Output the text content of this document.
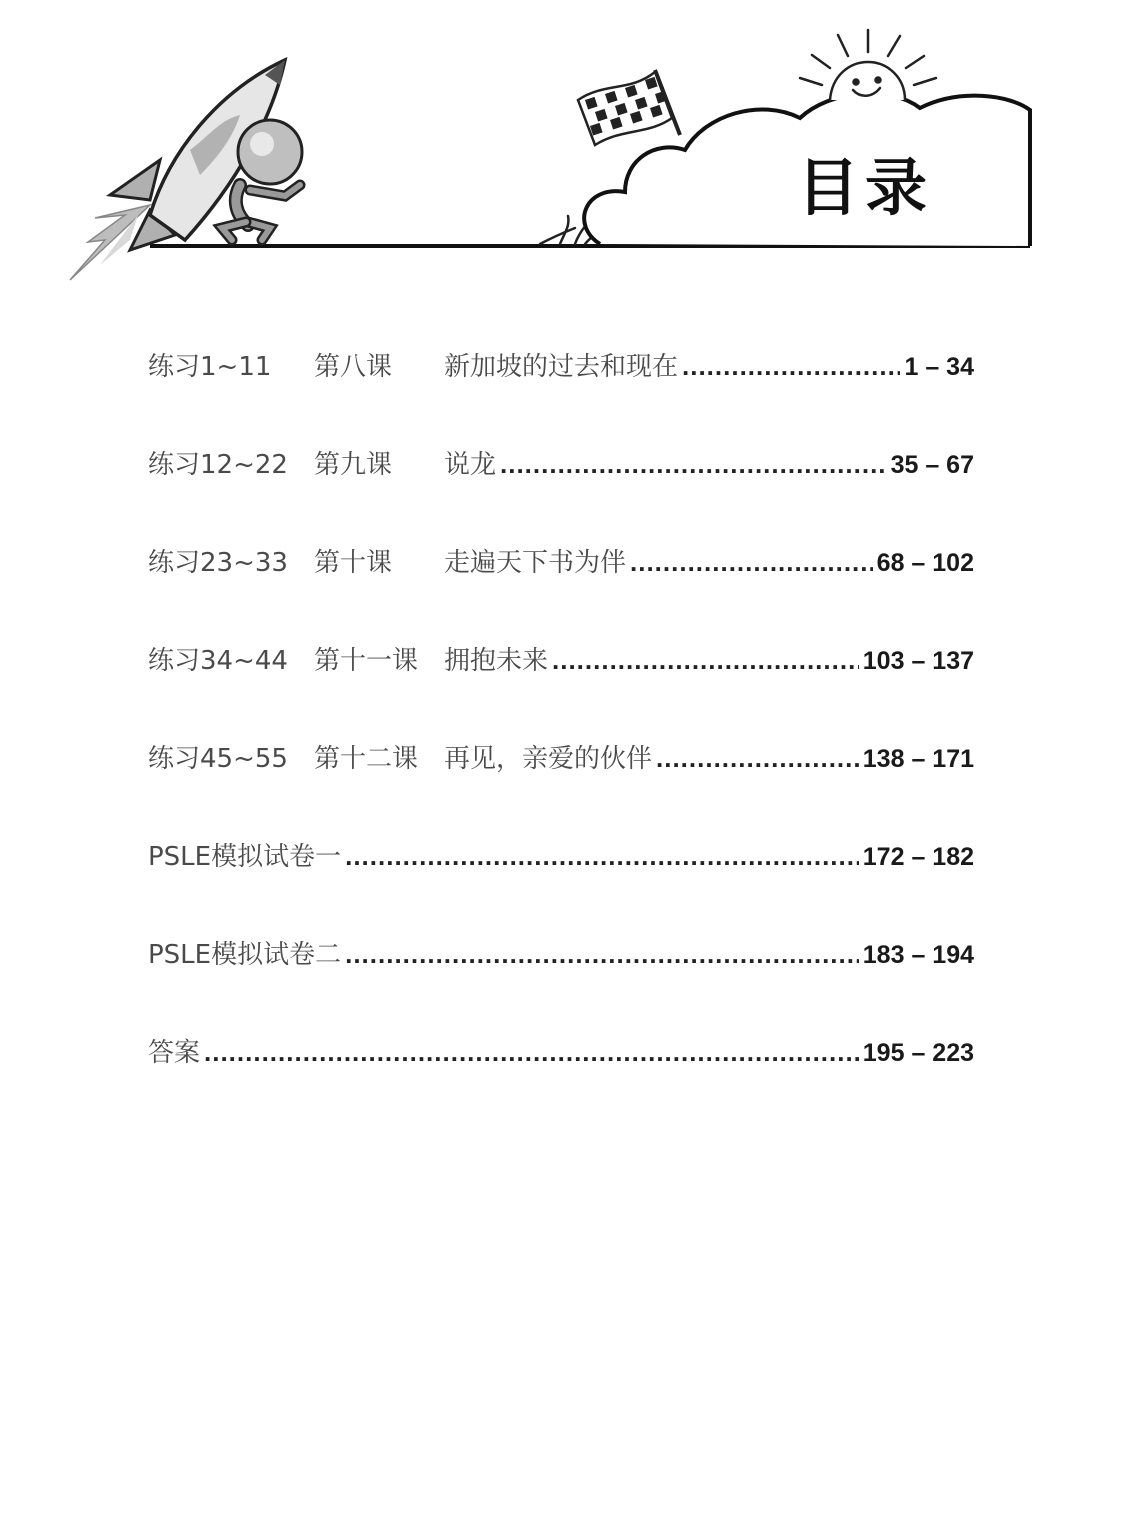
目录
练习1~11	第八课	新加坡的过去和现在 .....	1 – 34
练习12~22	第九课	说龙 .....	35 – 67
练习23~33	第十课	走遍天下书为伴 .....	68 – 102
练习34~44	第十一课 拥抱未来 .....	103 – 137
练习45~55	第十二课 再见，亲爱的伙伴 .....	138 – 171
PSLE模拟试卷一 .....	172 – 182
PSLE模拟试卷二 .....	183 – 194
答案 .....	195 – 223
